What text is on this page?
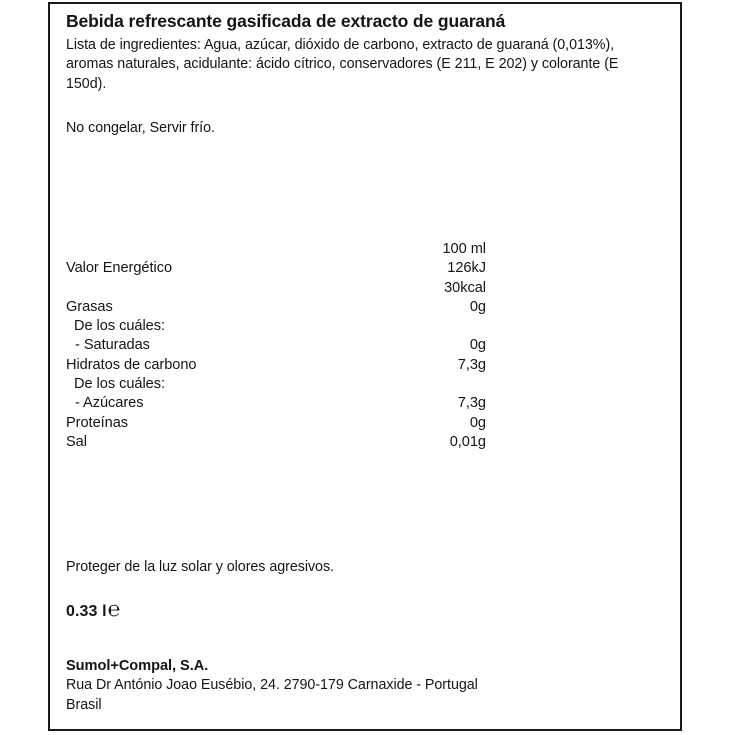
Bebida refrescante gasificada de extracto de guaraná
Lista de ingredientes: Agua, azúcar, dióxido de carbono, extracto de guaraná (0,013%), aromas naturales, acidulante: ácido cítrico, conservadores (E 211, E 202) y colorante (E 150d).
No congelar, Servir frío.
100 ml
Valor Energético	126kJ
30kcal
Grasas	0g
De los cuáles:
- Saturadas	0g
Hidratos de carbono	7,3g
De los cuáles:
- Azúcares	7,3g
Proteínas	0g
Sal	0,01g
Proteger de la luz solar y olores agresivos.
0.33 l ℮
Sumol+Compal, S.A.
Rua Dr António Joao Eusébio, 24. 2790-179 Carnaxide - Portugal
Brasil
